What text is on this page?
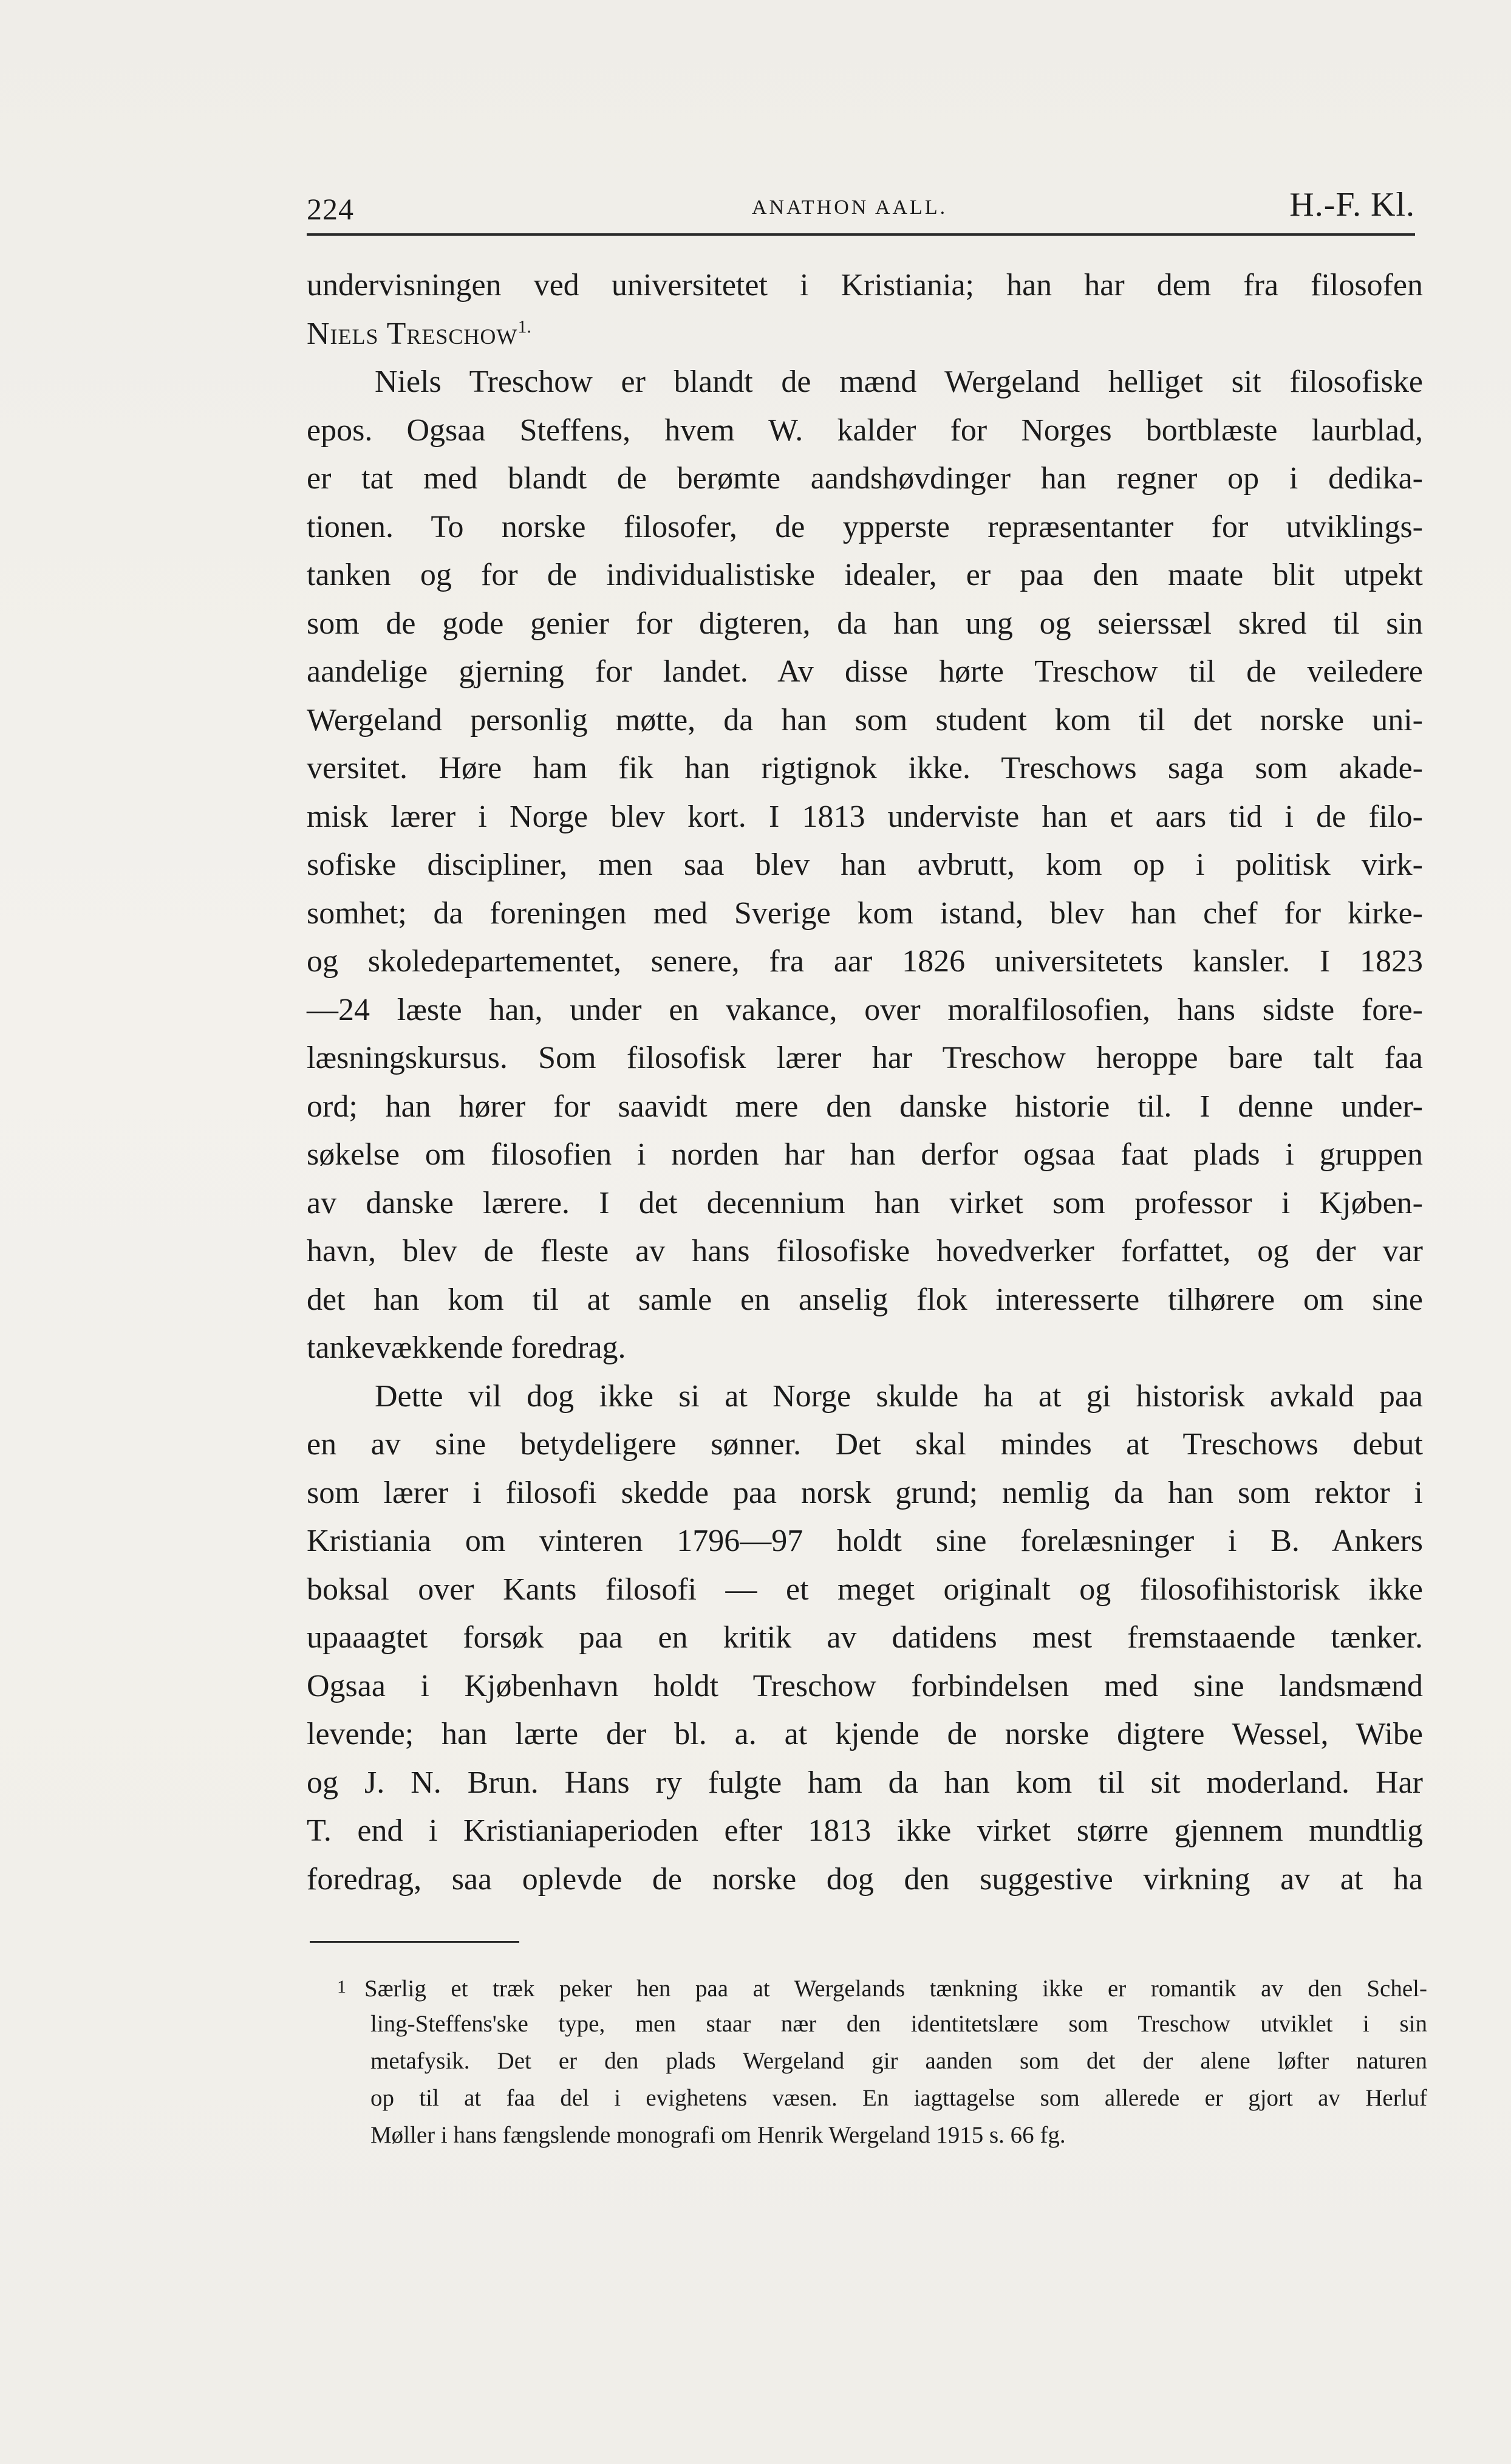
224	ANATHON AALL.	H.-F. Kl.
undervisningen ved universitetet i Kristiania; han har dem fra filosofen
Niels Treschow$^{1.}$
Niels Treschow er blandt de mænd Wergeland helliget sit filosofiske
epos. Ogsaa Steffens, hvem W. kalder for Norges bortblæste laurblad,
er tat med blandt de berømte aandshøvdinger han regner op i dedika-
tionen. To norske filosofer, de ypperste repræsentanter for utviklings-
tanken og for de individualistiske idealer, er paa den maate blit utpekt
som de gode genier for digteren, da han ung og seierssæl skred til sin
aandelige gjerning for landet. Av disse hørte Treschow til de veiledere
Wergeland personlig møtte, da han som student kom til det norske uni-
versitet. Høre ham fik han rigtignok ikke. Treschows saga som akade-
misk lærer i Norge blev kort. I 1813 underviste han et aars tid i de filo-
sofiske discipliner, men saa blev han avbrutt, kom op i politisk virk-
somhet; da foreningen med Sverige kom istand, blev han chef for kirke-
og skoledepartementet, senere, fra aar 1826 universitetets kansler. I 1823
—24 læste han, under en vakance, over moralfilosofien, hans sidste fore-
læsningskursus. Som filosofisk lærer har Treschow heroppe bare talt faa
ord; han hører for saavidt mere den danske historie til. I denne under-
søkelse om filosofien i norden har han derfor ogsaa faat plads i gruppen
av danske lærere. I det decennium han virket som professor i Kjøben-
havn, blev de fleste av hans filosofiske hovedverker forfattet, og der var
det han kom til at samle en anselig flok interesserte tilhørere om sine
tankevækkende foredrag.
Dette vil dog ikke si at Norge skulde ha at gi historisk avkald paa
en av sine betydeligere sønner. Det skal mindes at Treschows debut
som lærer i filosofi skedde paa norsk grund; nemlig da han som rektor i
Kristiania om vinteren 1796—97 holdt sine forelæsninger i B. Ankers
boksal over Kants filosofi — et meget originalt og filosofihistorisk ikke
upaaagtet forsøk paa en kritik av datidens mest fremstaaende tænker.
Ogsaa i Kjøbenhavn holdt Treschow forbindelsen med sine landsmænd
levende; han lærte der bl. a. at kjende de norske digtere Wessel, Wibe
og J. N. Brun. Hans ry fulgte ham da han kom til sit moderland. Har
T. end i Kristianiaperioden efter 1813 ikke virket større gjennem mundtlig
foredrag, saa oplevde de norske dog den suggestive virkning av at ha
1 Særlig et træk peker hen paa at Wergelands tænkning ikke er romantik av den Schel-
ling-Steffens'ske type, men staar nær den identitetslære som Treschow utviklet i sin
metafysik. Det er den plads Wergeland gir aanden som det der alene løfter naturen
op til at faa del i evighetens væsen. En iagttagelse som allerede er gjort av Herluf
Møller i hans fængslende monografi om Henrik Wergeland 1915 s. 66 fg.
